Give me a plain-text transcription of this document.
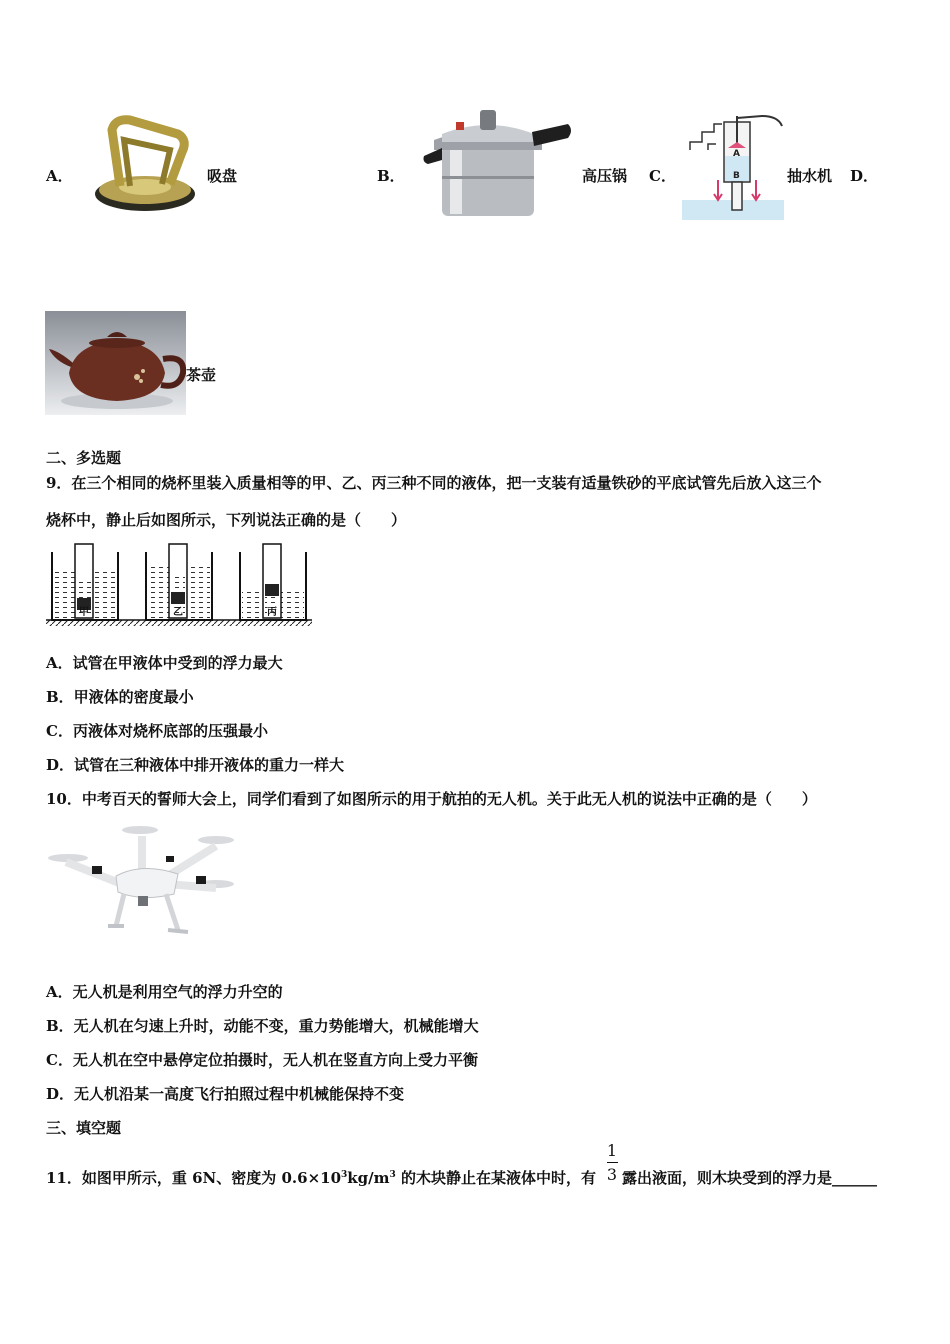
A．	吸盘	B．	高压锅 C．
A
B	抽水机 D．
茶壶
二、多选题
9．在三个相同的烧杯里装入质量相等的甲、乙、丙三种不同的液体，把一支装有适量铁砂的平底试管先后放入这三个
烧杯中，静止后如图所示，下列说法正确的是（　　）
甲	乙	丙
A．试管在甲液体中受到的浮力最大
B．甲液体的密度最小
C．丙液体对烧杯底部的压强最小
D．试管在三种液体中排开液体的重力一样大
10．中考百天的誓师大会上，同学们看到了如图所示的用于航拍的无人机。关于此无人机的说法中正确的是（　　）
A．无人机是利用空气的浮力升空的
B．无人机在匀速上升时，动能不变，重力势能增大，机械能增大
C．无人机在空中悬停定位拍摄时，无人机在竖直方向上受力平衡
D．无人机沿某一高度飞行拍照过程中机械能保持不变
三、填空题
11．如图甲所示，重 6N、密度为 $0.6\times 10^3kg/m^3$ 的木块静止在某液体中时，有
1
3 露出液面，则木块受到的浮力是______
